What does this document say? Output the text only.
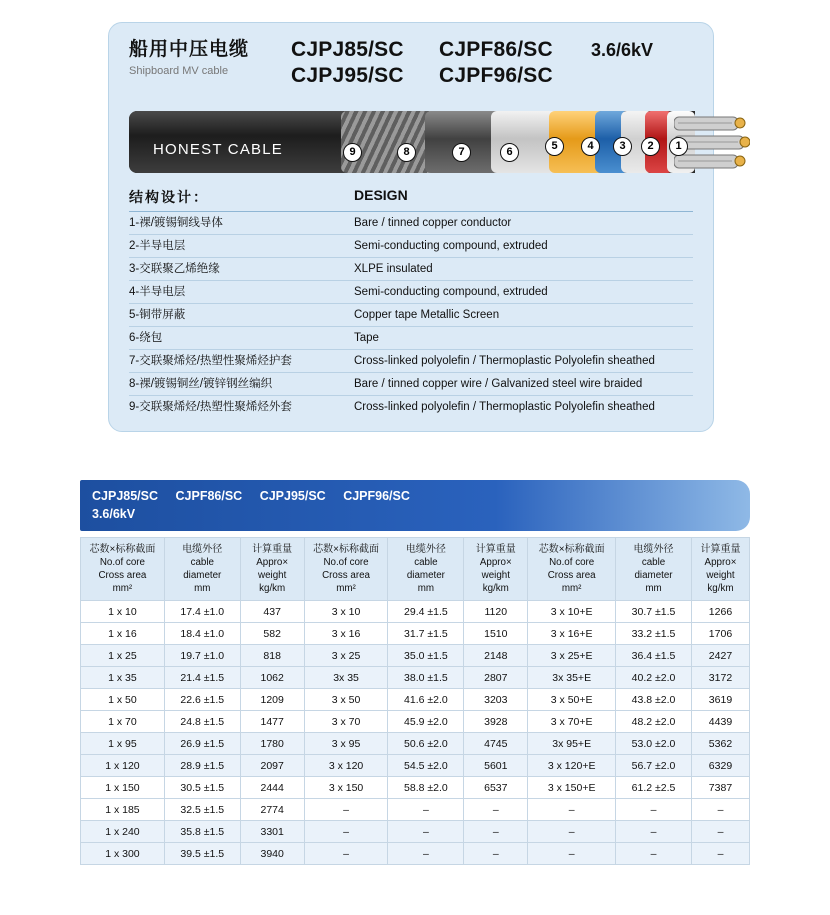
船用中压电缆
Shipboard MV cable
CJPJ85/SC	CJPF86/SC	3.6/6kV
CJPJ95/SC	CJPF96/SC
HONEST CABLE	9	8	7	6	5	4	3	2	1
结构设计：	DESIGN
1-裸/镀锡铜线导体	Bare / tinned copper conductor
2-半导电层	Semi-conducting compound, extruded
3-交联聚乙烯绝缘	XLPE insulated
4-半导电层	Semi-conducting compound, extruded
5-铜带屏蔽	Copper tape Metallic Screen
6-绕包	Tape
7-交联聚烯烃/热塑性聚烯烃护套	Cross-linked polyolefin / Thermoplastic Polyolefin sheathed
8-裸/镀锡铜丝/镀锌钢丝编织	Bare / tinned copper wire / Galvanized steel wire braided
9-交联聚烯烃/热塑性聚烯烃外套	Cross-linked polyolefin / Thermoplastic Polyolefin sheathed
CJPJ85/SC CJPF86/SC CJPJ95/SC CJPF96/SC
3.6/6kV
芯数×标称截面
No.of core
Cross area
mm²	电缆外径
cable
diameter
mm	计算重量
Appro×
weight
kg/km	芯数×标称截面
No.of core
Cross area
mm²	电缆外径
cable
diameter
mm	计算重量
Appro×
weight
kg/km	芯数×标称截面
No.of core
Cross area
mm²	电缆外径
cable
diameter
mm	计算重量
Appro×
weight
kg/km
1 x 10	17.4 ±1.0	437	3 x 10	29.4 ±1.5	1120	3 x 10+E	30.7 ±1.5	1266
1 x 16	18.4 ±1.0	582	3 x 16	31.7 ±1.5	1510	3 x 16+E	33.2 ±1.5	1706
1 x 25	19.7 ±1.0	818	3 x 25	35.0 ±1.5	2148	3 x 25+E	36.4 ±1.5	2427
1 x 35	21.4 ±1.5	1062	3x 35	38.0 ±1.5	2807	3x 35+E	40.2 ±2.0	3172
1 x 50	22.6 ±1.5	1209	3 x 50	41.6 ±2.0	3203	3 x 50+E	43.8 ±2.0	3619
1 x 70	24.8 ±1.5	1477	3 x 70	45.9 ±2.0	3928	3 x 70+E	48.2 ±2.0	4439
1 x 95	26.9 ±1.5	1780	3 x 95	50.6 ±2.0	4745	3x 95+E	53.0 ±2.0	5362
1 x 120	28.9 ±1.5	2097	3 x 120	54.5 ±2.0	5601	3 x 120+E	56.7 ±2.0	6329
1 x 150	30.5 ±1.5	2444	3 x 150	58.8 ±2.0	6537	3 x 150+E	61.2 ±2.5	7387
1 x 185	32.5 ±1.5	2774	–	–	–	–	–	–
1 x 240	35.8 ±1.5	3301	–	–	–	–	–	–
1 x 300	39.5 ±1.5	3940	–	–	–	–	–	–
